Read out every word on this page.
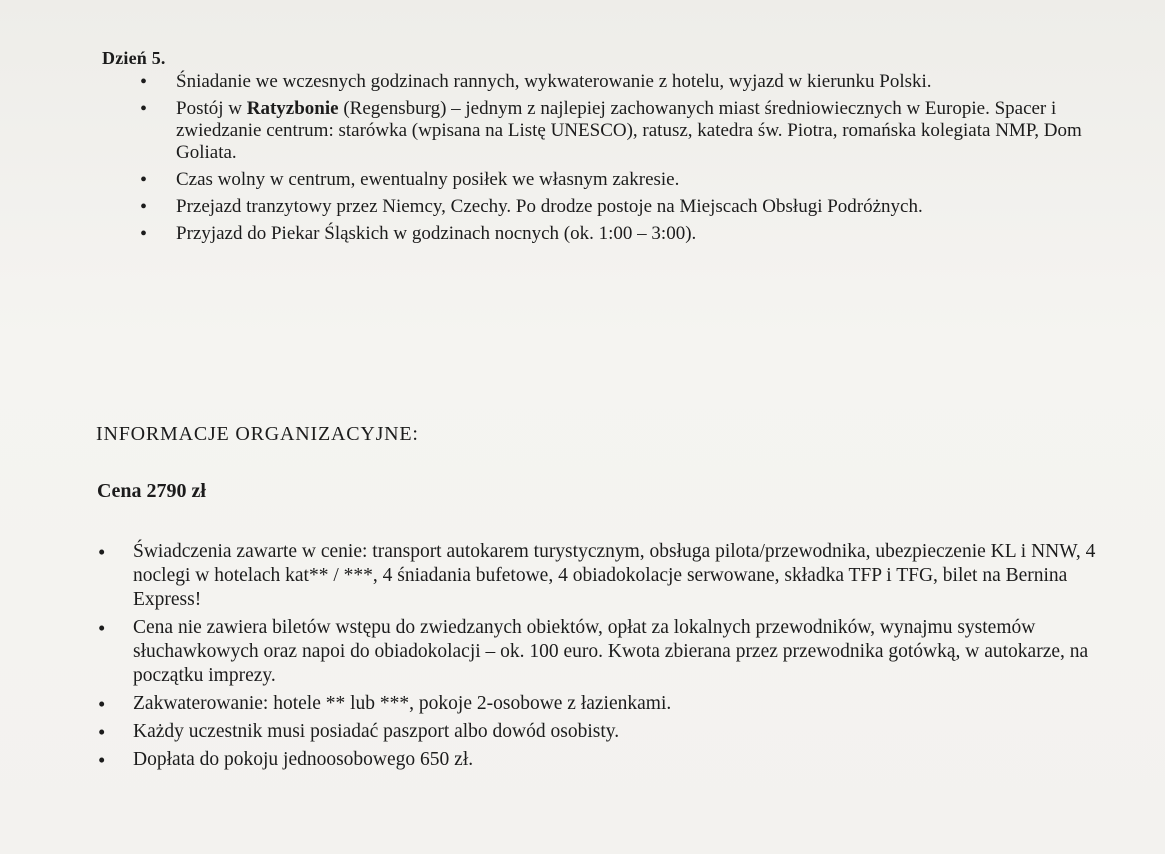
Dzień 5.
• Śniadanie we wczesnych godzinach rannych, wykwaterowanie z hotelu, wyjazd w kierunku Polski.
• Postój w Ratyzbonie (Regensburg) – jednym z najlepiej zachowanych miast średniowiecznych w Europie. Spacer i zwiedzanie centrum: starówka (wpisana na Listę UNESCO), ratusz, katedra św. Piotra, romańska kolegiata NMP, Dom Goliata.
• Czas wolny w centrum, ewentualny posiłek we własnym zakresie.
• Przejazd tranzytowy przez Niemcy, Czechy. Po drodze postoje na Miejscach Obsługi Podróżnych.
• Przyjazd do Piekar Śląskich w godzinach nocnych (ok. 1:00 – 3:00).
INFORMACJE ORGANIZACYJNE:
Cena 2790 zł
• Świadczenia zawarte w cenie: transport autokarem turystycznym, obsługa pilota/przewodnika, ubezpieczenie KL i NNW, 4 noclegi w hotelach kat** / ***, 4 śniadania bufetowe, 4 obiadokolacje serwowane, składka TFP i TFG, bilet na Bernina Express!
• Cena nie zawiera biletów wstępu do zwiedzanych obiektów, opłat za lokalnych przewodników, wynajmu systemów słuchawkowych oraz napoi do obiadokolacji – ok. 100 euro. Kwota zbierana przez przewodnika gotówką, w autokarze, na początku imprezy.
• Zakwaterowanie: hotele ** lub ***, pokoje 2-osobowe z łazienkami.
• Każdy uczestnik musi posiadać paszport albo dowód osobisty.
• Dopłata do pokoju jednoosobowego 650 zł.
